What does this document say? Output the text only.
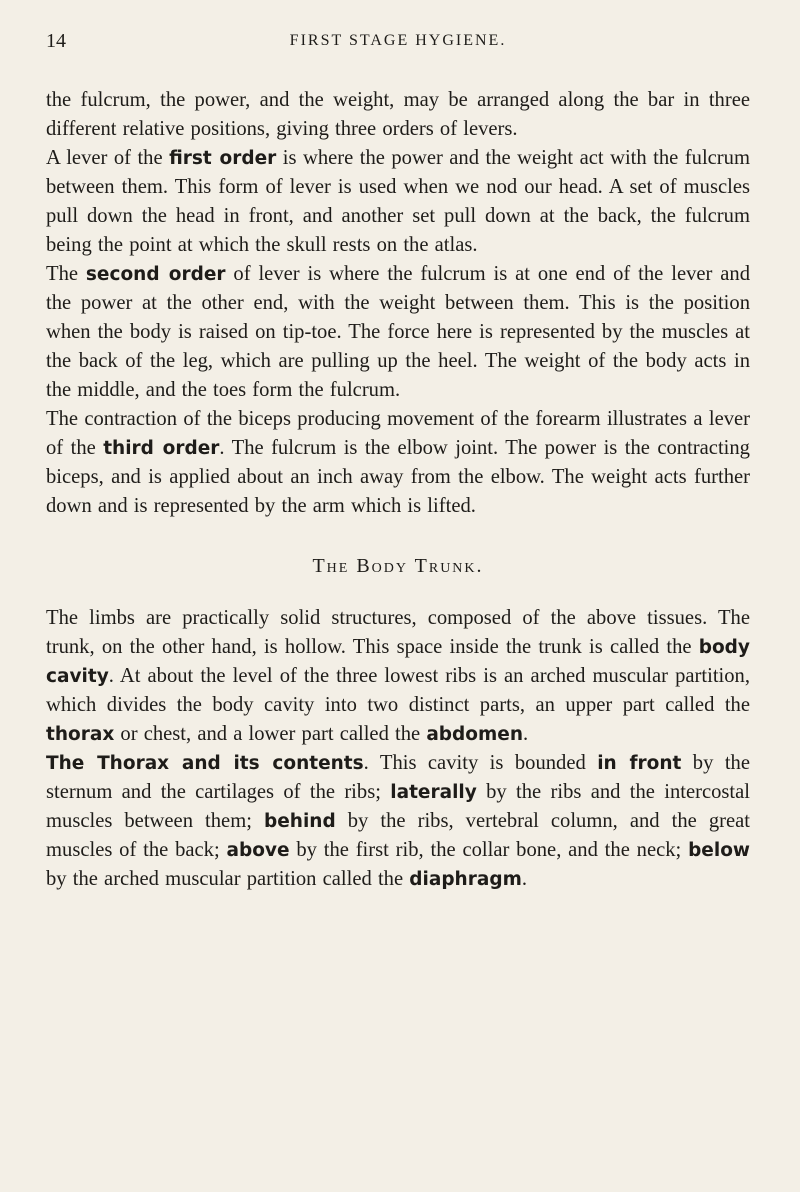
14	FIRST STAGE HYGIENE.

the fulcrum, the power, and the weight, may be arranged along the bar in three different relative positions, giving three orders of levers.

A lever of the first order is where the power and the weight act with the fulcrum between them. This form of lever is used when we nod our head. A set of muscles pull down the head in front, and another set pull down at the back, the fulcrum being the point at which the skull rests on the atlas.

The second order of lever is where the fulcrum is at one end of the lever and the power at the other end, with the weight between them. This is the position when the body is raised on tip-toe. The force here is represented by the muscles at the back of the leg, which are pulling up the heel. The weight of the body acts in the middle, and the toes form the fulcrum.

The contraction of the biceps producing movement of the forearm illustrates a lever of the third order. The fulcrum is the elbow joint. The power is the contracting biceps, and is applied about an inch away from the elbow. The weight acts further down and is represented by the arm which is lifted.

The Body Trunk.

The limbs are practically solid structures, composed of the above tissues. The trunk, on the other hand, is hollow. This space inside the trunk is called the body cavity. At about the level of the three lowest ribs is an arched muscular partition, which divides the body cavity into two distinct parts, an upper part called the thorax or chest, and a lower part called the abdomen.

The Thorax and its contents. This cavity is bounded in front by the sternum and the cartilages of the ribs; laterally by the ribs and the intercostal muscles between them; behind by the ribs, vertebral column, and the great muscles of the back; above by the first rib, the collar bone, and the neck; below by the arched muscular partition called the diaphragm.
